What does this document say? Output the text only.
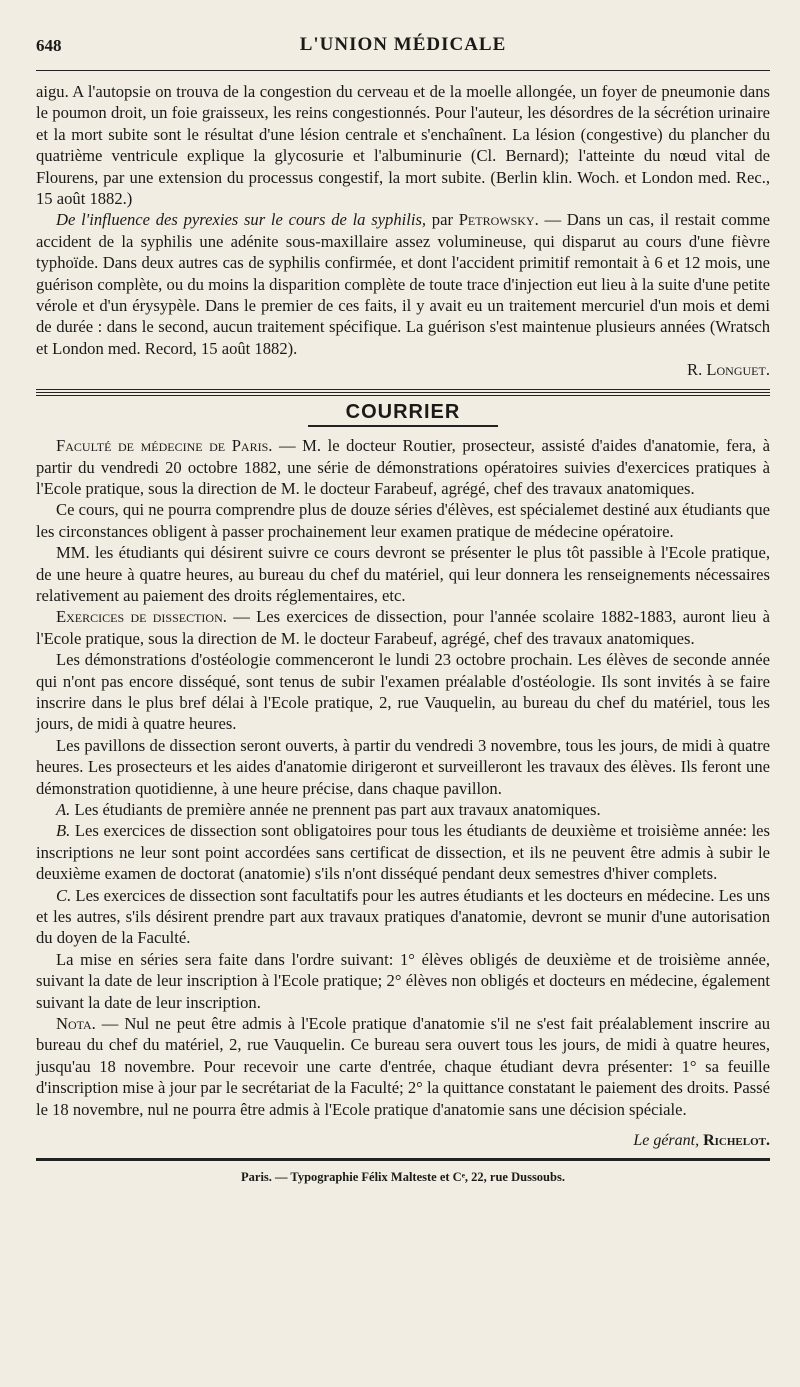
648	L'UNION MÉDICALE

aigu. A l'autopsie on trouva de la congestion du cerveau et de la moelle allongée, un foyer de pneumonie dans le poumon droit, un foie graisseux, les reins congestionnés. Pour l'auteur, les désordres de la sécrétion urinaire et la mort subite sont le résultat d'une lésion centrale et s'enchaînent. La lésion (congestive) du plancher du quatrième ventricule explique la glycosurie et l'albuminurie (Cl. Bernard); l'atteinte du nœud vital de Flourens, par une extension du processus congestif, la mort subite. (Berlin klin. Woch. et London med. Rec., 15 août 1882.)

De l'influence des pyrexies sur le cours de la syphilis, par Petrowsky. — Dans un cas, il restait comme accident de la syphilis une adénite sous-maxillaire assez volumineuse, qui disparut au cours d'une fièvre typhoïde. Dans deux autres cas de syphilis confirmée, et dont l'accident primitif remontait à 6 et 12 mois, une guérison complète, ou du moins la disparition complète de toute trace d'injection eut lieu à la suite d'une petite vérole et d'un érysypèle. Dans le premier de ces faits, il y avait eu un traitement mercuriel d'un mois et demi de durée : dans le second, aucun traitement spécifique. La guérison s'est maintenue plusieurs années (Wratsch et London med. Record, 15 août 1882).

R. Longuet.
COURRIER

Faculté de médecine de Paris. — M. le docteur Routier, prosecteur, assisté d'aides d'anatomie, fera, à partir du vendredi 20 octobre 1882, une série de démonstrations opératoires suivies d'exercices pratiques à l'Ecole pratique, sous la direction de M. le docteur Farabeuf, agrégé, chef des travaux anatomiques.

Ce cours, qui ne pourra comprendre plus de douze séries d'élèves, est spécialemet destiné aux étudiants que les circonstances obligent à passer prochainement leur examen pratique de médecine opératoire.

MM. les étudiants qui désirent suivre ce cours devront se présenter le plus tôt passible à l'Ecole pratique, de une heure à quatre heures, au bureau du chef du matériel, qui leur donnera les renseignements nécessaires relativement au paiement des droits réglementaires, etc.

Exercices de dissection. — Les exercices de dissection, pour l'année scolaire 1882-1883, auront lieu à l'Ecole pratique, sous la direction de M. le docteur Farabeuf, agrégé, chef des travaux anatomiques.

Les démonstrations d'ostéologie commenceront le lundi 23 octobre prochain. Les élèves de seconde année qui n'ont pas encore disséqué, sont tenus de subir l'examen préalable d'ostéologie. Ils sont invités à se faire inscrire dans le plus bref délai à l'Ecole pratique, 2, rue Vauquelin, au bureau du chef du matériel, tous les jours, de midi à quatre heures.

Les pavillons de dissection seront ouverts, à partir du vendredi 3 novembre, tous les jours, de midi à quatre heures. Les prosecteurs et les aides d'anatomie dirigeront et surveilleront les travaux des élèves. Ils feront une démonstration quotidienne, à une heure précise, dans chaque pavillon.

A. Les étudiants de première année ne prennent pas part aux travaux anatomiques.

B. Les exercices de dissection sont obligatoires pour tous les étudiants de deuxième et troisième année: les inscriptions ne leur sont point accordées sans certificat de dissection, et ils ne peuvent être admis à subir le deuxième examen de doctorat (anatomie) s'ils n'ont disséqué pendant deux semestres d'hiver complets.

C. Les exercices de dissection sont facultatifs pour les autres étudiants et les docteurs en médecine. Les uns et les autres, s'ils désirent prendre part aux travaux pratiques d'anatomie, devront se munir d'une autorisation du doyen de la Faculté.

La mise en séries sera faite dans l'ordre suivant: 1° élèves obligés de deuxième et de troisième année, suivant la date de leur inscription à l'Ecole pratique; 2° élèves non obligés et docteurs en médecine, également suivant la date de leur inscription.

Nota. — Nul ne peut être admis à l'Ecole pratique d'anatomie s'il ne s'est fait préalablement inscrire au bureau du chef du matériel, 2, rue Vauquelin. Ce bureau sera ouvert tous les jours, de midi à quatre heures, jusqu'au 18 novembre. Pour recevoir une carte d'entrée, chaque étudiant devra présenter: 1° sa feuille d'inscription mise à jour par le secrétariat de la Faculté; 2° la quittance constatant le paiement des droits. Passé le 18 novembre, nul ne pourra être admis à l'Ecole pratique d'anatomie sans une décision spéciale.

Le gérant, Richelot.
Paris. — Typographie Félix Malteste et Cᵉ, 22, rue Dussoubs.
